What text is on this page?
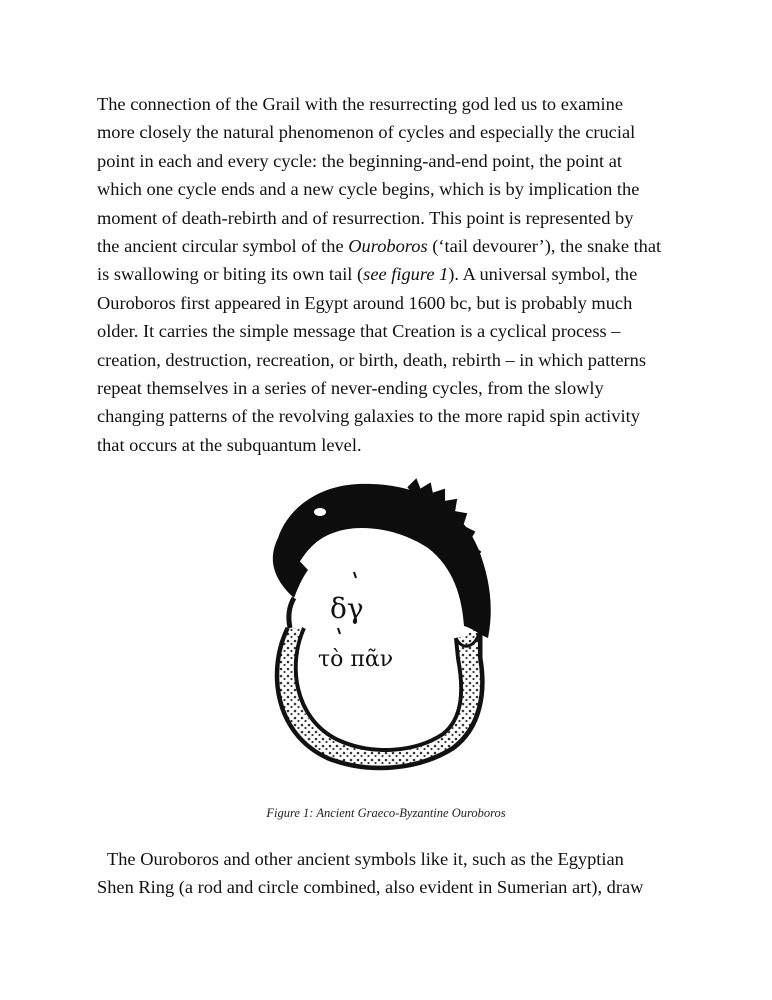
The connection of the Grail with the resurrecting god led us to examine
more closely the natural phenomenon of cycles and especially the crucial
point in each and every cycle: the beginning-and-end point, the point at
which one cycle ends and a new cycle begins, which is by implication the
moment of death-rebirth and of resurrection. This point is represented by
the ancient circular symbol of the Ouroboros (‘tail devourer’), the snake that
is swallowing or biting its own tail (see figure 1). A universal symbol, the
Ouroboros first appeared in Egypt around 1600 bc, but is probably much
older. It carries the simple message that Creation is a cyclical process –
creation, destruction, recreation, or birth, death, rebirth – in which patterns
repeat themselves in a series of never-ending cycles, from the slowly
changing patterns of the revolving galaxies to the more rapid spin activity
that occurs at the subquantum level.

δγ
τὸ πᾶν
Figure 1: Ancient Graeco-Byzantine Ouroboros

The Ouroboros and other ancient symbols like it, such as the Egyptian
Shen Ring (a rod and circle combined, also evident in Sumerian art), draw
